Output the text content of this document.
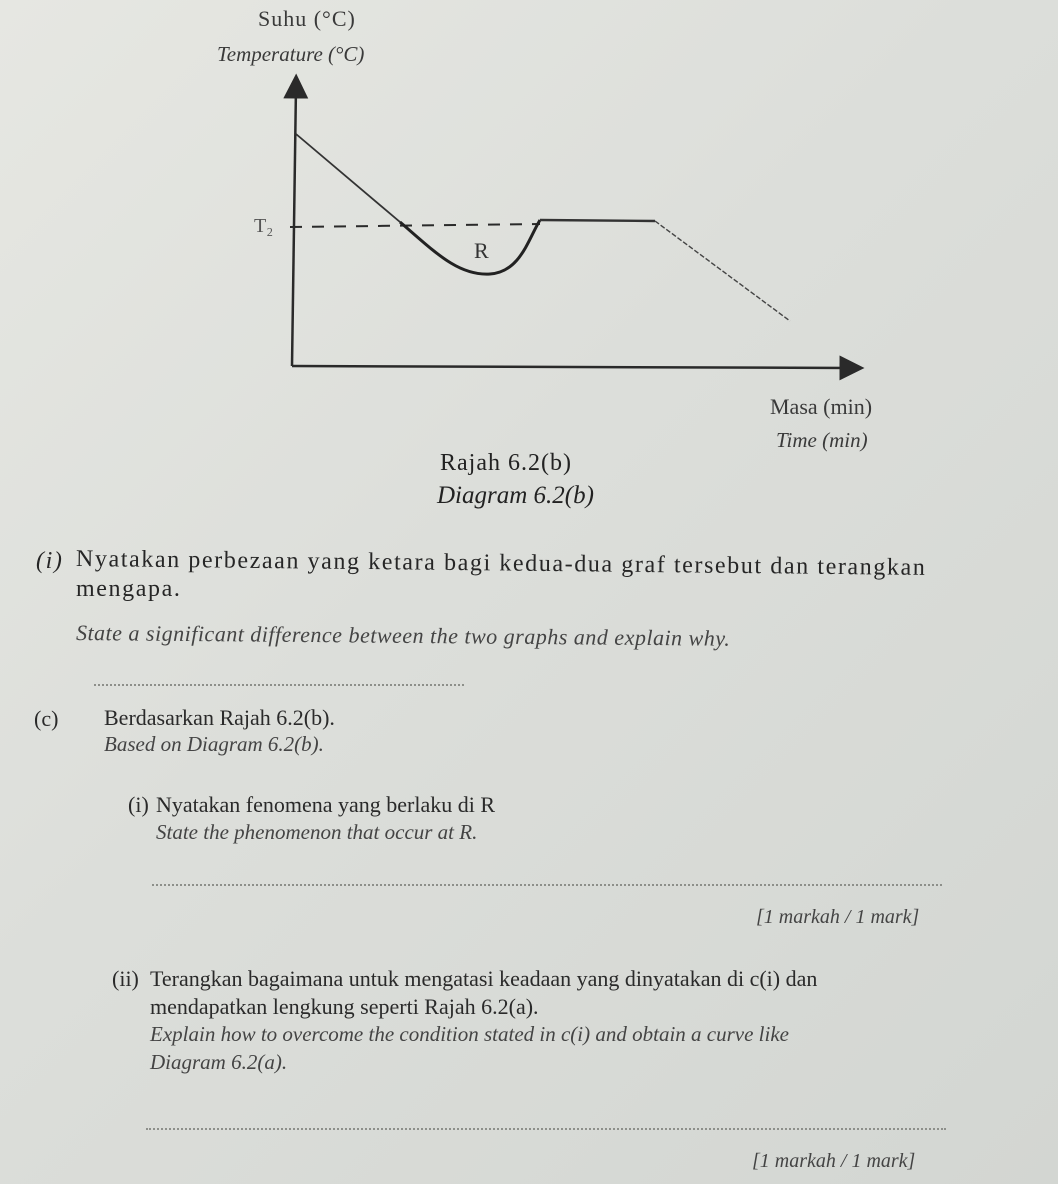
T₂
R
Suhu (°C)
Temperature (°C)
Masa (min)
Time (min)
Rajah 6.2(b)
Diagram 6.2(b)
(i) Nyatakan perbezaan yang ketara bagi kedua-dua graf tersebut dan terangkan
mengapa.
State a significant difference between the two graphs and explain why.
(c) Berdasarkan Rajah 6.2(b).
Based on Diagram 6.2(b).
(i) Nyatakan fenomena yang berlaku di R
State the phenomenon that occur at R.
[1 markah / 1 mark]
(ii) Terangkan bagaimana untuk mengatasi keadaan yang dinyatakan di c(i) dan
mendapatkan lengkung seperti Rajah 6.2(a).
Explain how to overcome the condition stated in c(i) and obtain a curve like
Diagram 6.2(a).
[1 markah / 1 mark]
